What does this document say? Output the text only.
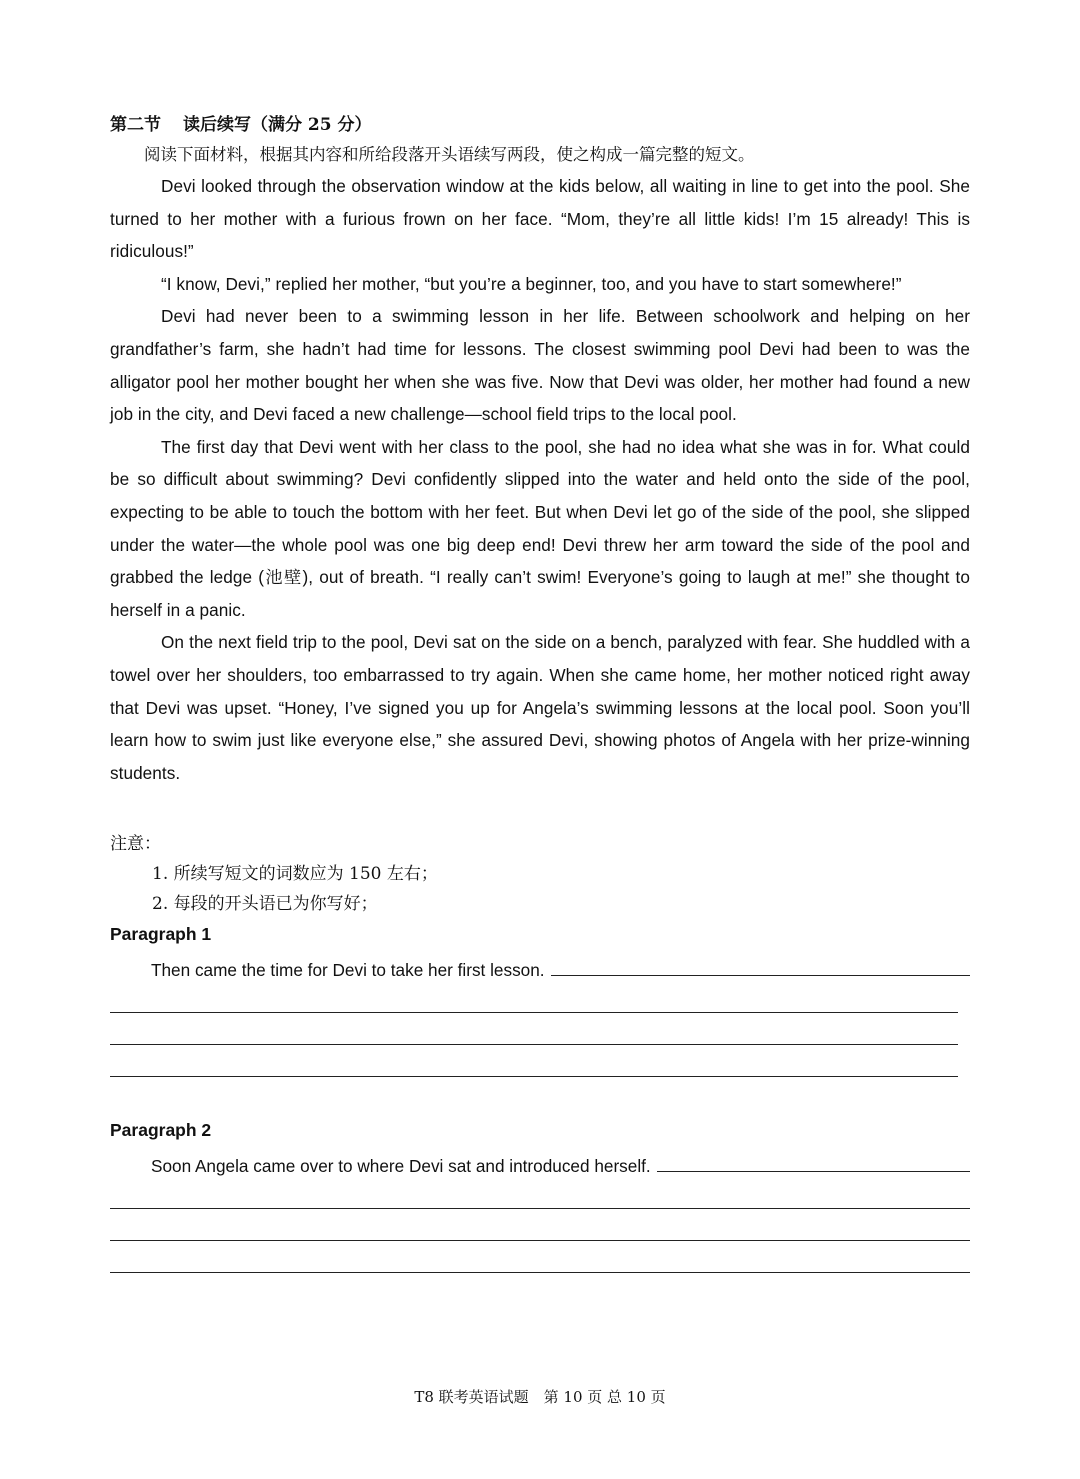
第二节 读后续写（满分 25 分）

阅读下面材料，根据其内容和所给段落开头语续写两段，使之构成一篇完整的短文。

Devi looked through the observation window at the kids below, all waiting in line to get into the pool. She turned to her mother with a furious frown on her face. “Mom, they’re all little kids! I’m 15 already! This is ridiculous!”

“I know, Devi,” replied her mother, “but you’re a beginner, too, and you have to start somewhere!”

Devi had never been to a swimming lesson in her life. Between schoolwork and helping on her grandfather’s farm, she hadn’t had time for lessons. The closest swimming pool Devi had been to was the alligator pool her mother bought her when she was five. Now that Devi was older, her mother had found a new job in the city, and Devi faced a new challenge—school field trips to the local pool.

The first day that Devi went with her class to the pool, she had no idea what she was in for. What could be so difficult about swimming? Devi confidently slipped into the water and held onto the side of the pool, expecting to be able to touch the bottom with her feet. But when Devi let go of the side of the pool, she slipped under the water—the whole pool was one big deep end! Devi threw her arm toward the side of the pool and grabbed the ledge (池壁), out of breath. “I really can’t swim! Everyone’s going to laugh at me!” she thought to herself in a panic.

On the next field trip to the pool, Devi sat on the side on a bench, paralyzed with fear. She huddled with a towel over her shoulders, too embarrassed to try again. When she came home, her mother noticed right away that Devi was upset. “Honey, I’ve signed you up for Angela’s swimming lessons at the local pool. Soon you’ll learn how to swim just like everyone else,” she assured Devi, showing photos of Angela with her prize-winning students.

注意：

1. 所续写短文的词数应为 150 左右；
2. 每段的开头语已为你写好；

Paragraph 1

Then came the time for Devi to take her first lesson.

Paragraph 2

Soon Angela came over to where Devi sat and introduced herself.
T8 联考英语试题　第 10 页 总 10 页
